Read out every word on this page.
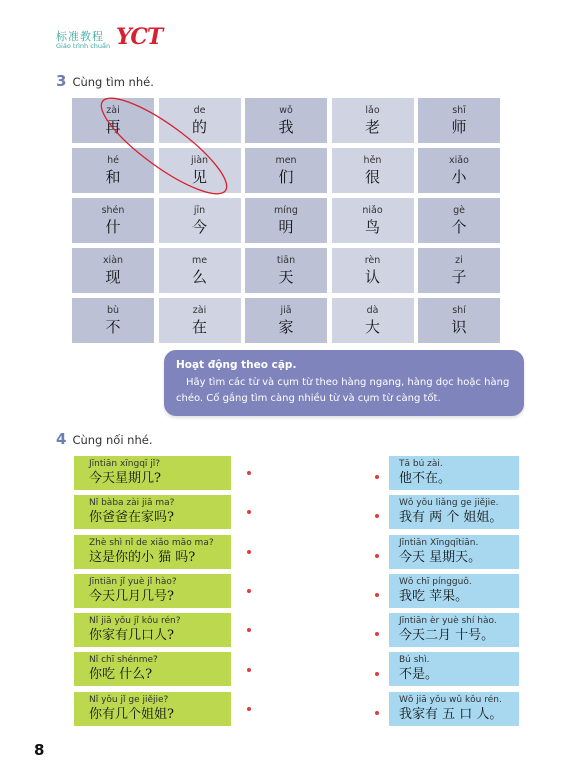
标准教程
Giáo trình chuẩn YCT
3 Cùng tìm nhé.
zài
再
de
的
wǒ
我
lǎo
老
shī
师
hé
和
jiàn
见
men
们
hěn
很
xiǎo
小
shén
什
jīn
今
míng
明
niǎo
鸟
gè
个
xiàn
现
me
么
tiān
天
rèn
认
zi
子
bù
不
zài
在
jiā
家
dà
大
shí
识
Hoạt động theo cặp.
Hãy tìm các từ và cụm từ theo hàng ngang, hàng dọc hoặc hàng chéo. Cố gắng tìm càng nhiều từ và cụm từ càng tốt.
4 Cùng nối nhé.
Jīntiān xīngqī jǐ?
今天星期几?
Nǐ bàba zài jiā ma?
你爸爸在家吗?
Zhè shì nǐ de xiǎo māo ma?
这是你的小 猫 吗?
Jīntiān jǐ yuè jǐ hào?
今天几月几号?
Nǐ jiā yǒu jǐ kǒu rén?
你家有几口人?
Nǐ chī shénme?
你吃 什么?
Nǐ yǒu jǐ ge jiějie?
你有几个姐姐?
Tā bú zài.
他不在。
Wǒ yǒu liǎng ge jiějie.
我有 两 个 姐姐。
Jīntiān Xīngqītiān.
今天 星期天。
Wǒ chī píngguǒ.
我吃 苹果。
Jīntiān èr yuè shí hào.
今天二月 十号。
Bú shì.
不是。
Wǒ jiā yǒu wǔ kǒu rén.
我家有 五 口 人。
8
